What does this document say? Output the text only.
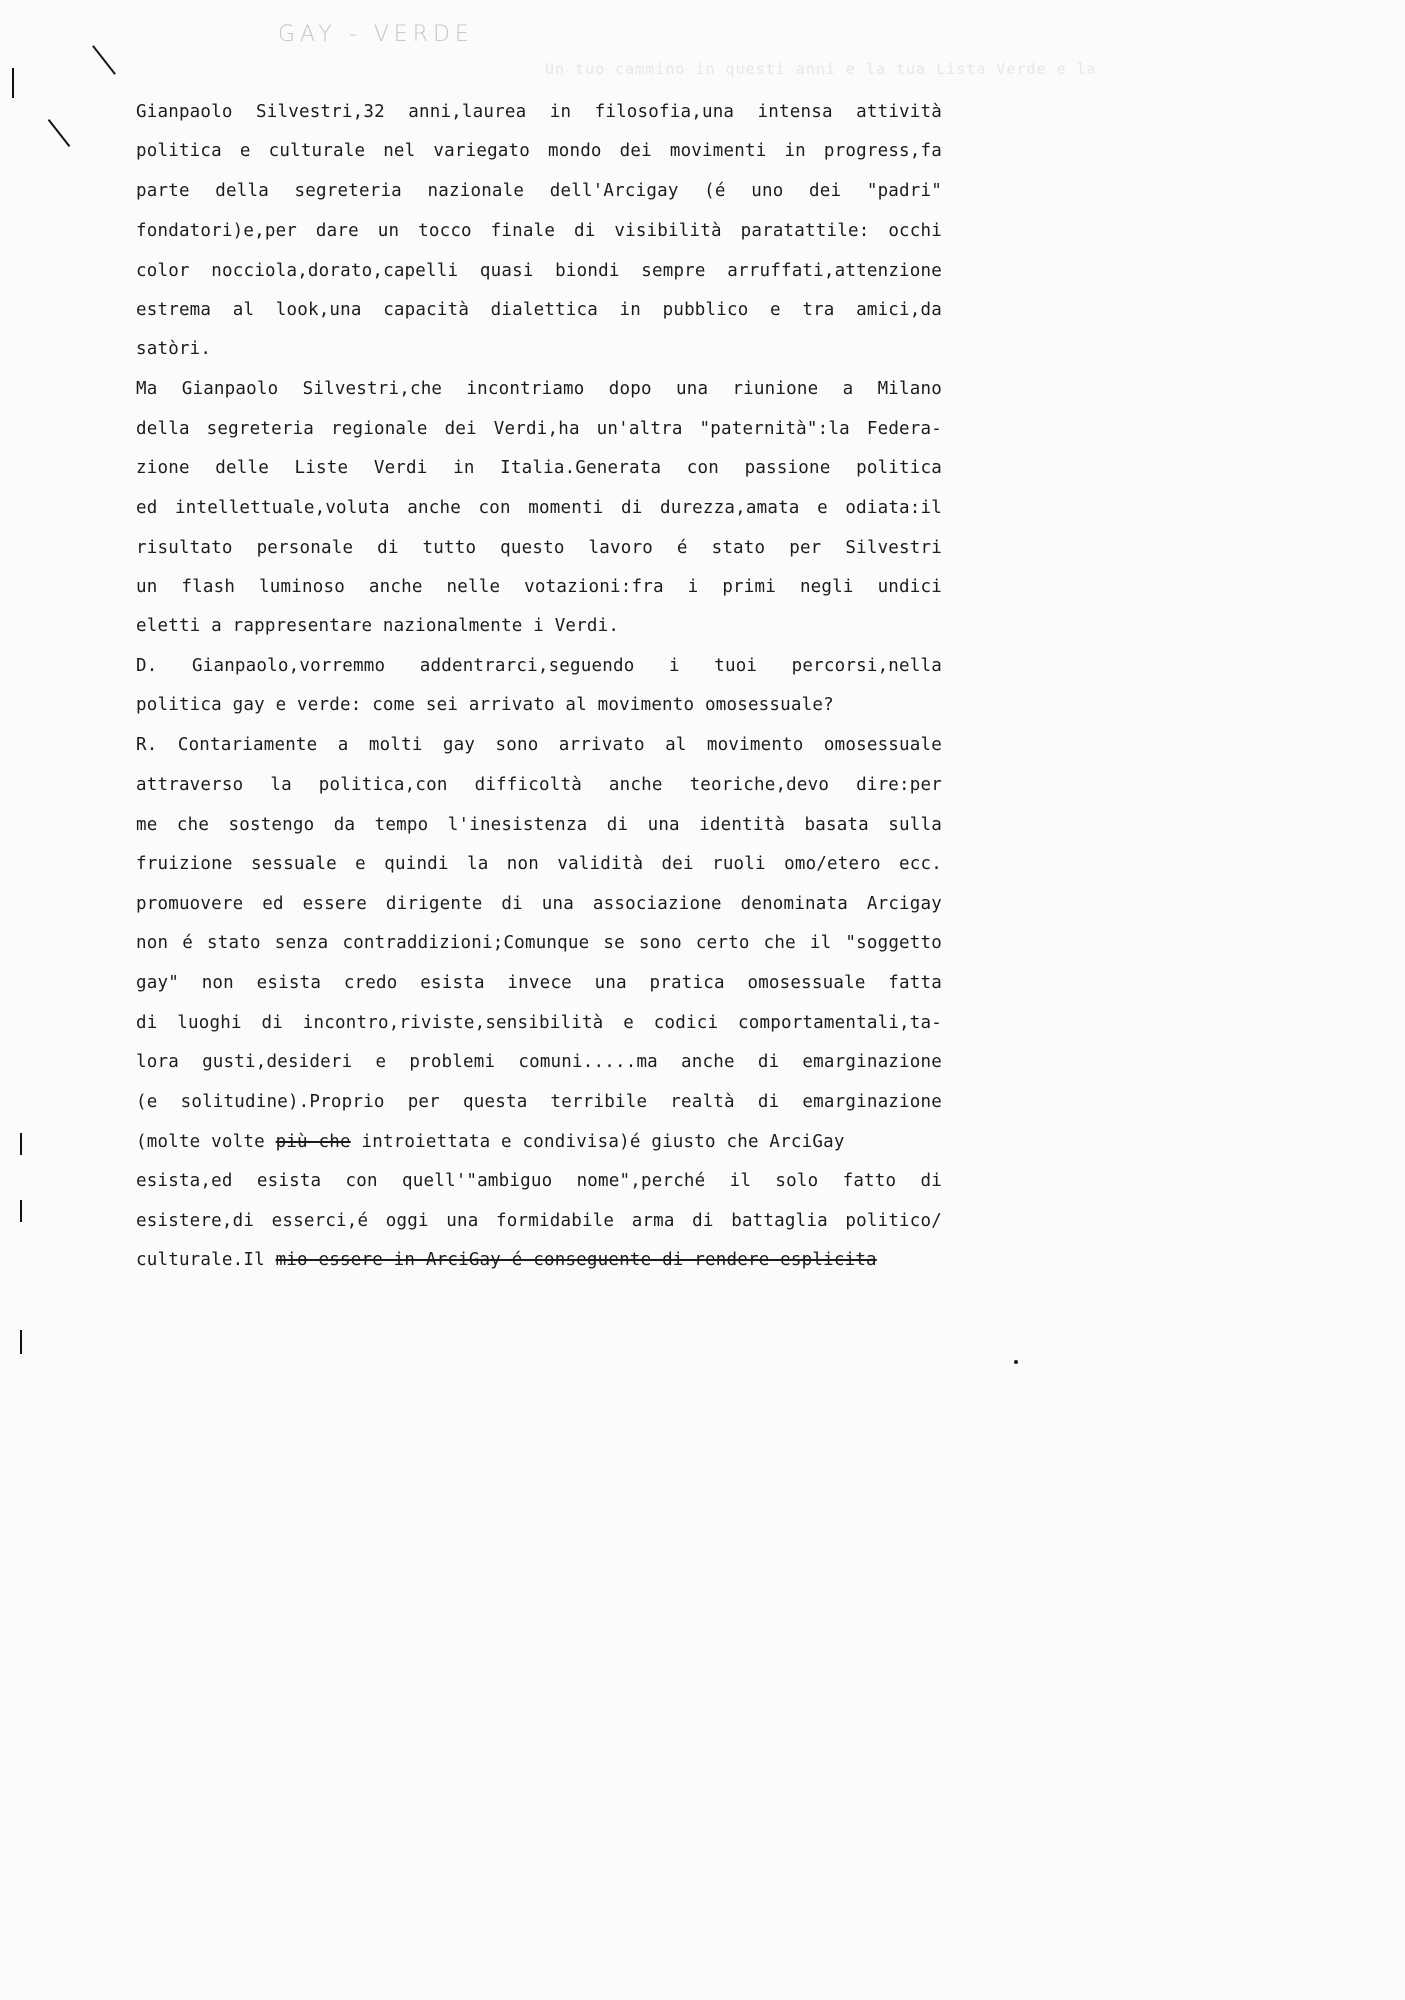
GAY - VERDE
Un tuo cammino in questi anni e la tua Lista Verde e la
Gianpaolo Silvestri,32 anni,laurea in filosofia,una intensa attività
politica e culturale nel variegato mondo dei movimenti in progress,fa
parte della segreteria nazionale dell'Arcigay (é uno dei "padri"
fondatori)e,per dare un tocco finale di visibilità paratattile: occhi
color nocciola,dorato,capelli quasi biondi sempre arruffati,attenzione
estrema al look,una capacità dialettica in pubblico e tra amici,da
satòri.
Ma Gianpaolo Silvestri,che incontriamo dopo una riunione a Milano
della segreteria regionale dei Verdi,ha un'altra "paternità":la Federa-
zione delle Liste Verdi in Italia.Generata con passione politica
ed intellettuale,voluta anche con momenti di durezza,amata e odiata:il
risultato personale di tutto questo lavoro é stato per Silvestri
un flash luminoso anche nelle votazioni:fra i primi negli undici
eletti a rappresentare nazionalmente i Verdi.
D. Gianpaolo,vorremmo addentrarci,seguendo i tuoi percorsi,nella
politica gay e verde: come sei arrivato al movimento omosessuale?
R. Contariamente a molti gay sono arrivato al movimento omosessuale
attraverso la politica,con difficoltà anche teoriche,devo dire:per
me che sostengo da tempo l'inesistenza di una identità basata sulla
fruizione sessuale e quindi la non validità dei ruoli omo/etero ecc.
promuovere ed essere dirigente di una associazione denominata Arcigay
non é stato senza contraddizioni;Comunque se sono certo che il "soggetto
gay" non esista credo esista invece una pratica omosessuale fatta
di luoghi di incontro,riviste,sensibilità e codici comportamentali,ta-
lora gusti,desideri e problemi comuni.....ma anche di emarginazione
(e solitudine).Proprio per questa terribile realtà di emarginazione
(molte volte più che introiettata e condivisa)é giusto che ArciGay
esista,ed esista con quell'"ambiguo nome",perché il solo fatto di
esistere,di esserci,é oggi una formidabile arma di battaglia politico/
culturale.Il mio essere in ArciGay é conseguente di rendere esplicita
